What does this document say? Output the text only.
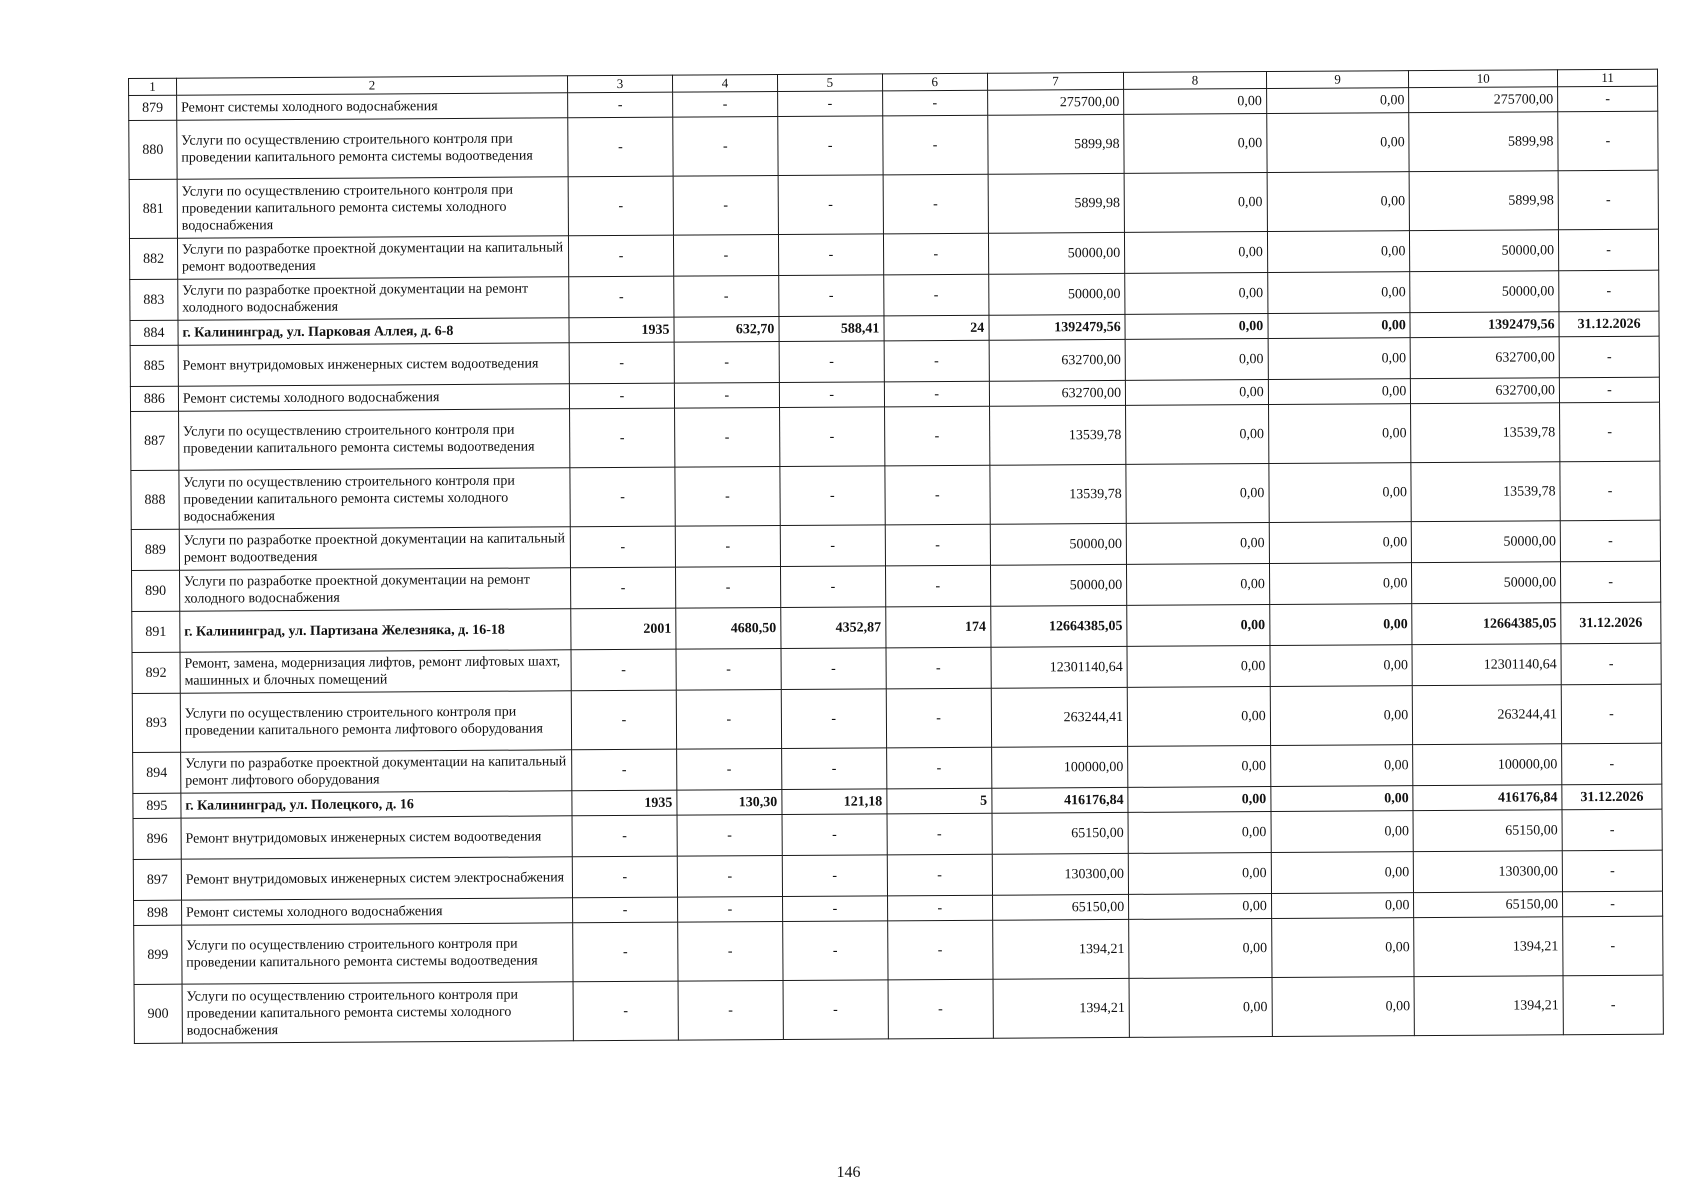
1	2	3	4	5	6	7	8	9	10	11
879	Ремонт системы холодного водоснабжения	-	-	-	-	275700,00	0,00	0,00	275700,00	-
880	Услуги по осуществлению строительного контроля при проведении капитального ремонта системы водоотведения	-	-	-	-	5899,98	0,00	0,00	5899,98	-
881	Услуги по осуществлению строительного контроля при проведении капитального ремонта системы холодного водоснабжения	-	-	-	-	5899,98	0,00	0,00	5899,98	-
882	Услуги по разработке проектной документации на капитальный ремонт водоотведения	-	-	-	-	50000,00	0,00	0,00	50000,00	-
883	Услуги по разработке проектной документации на ремонт холодного водоснабжения	-	-	-	-	50000,00	0,00	0,00	50000,00	-
884	г. Калининград, ул. Парковая Аллея, д. 6-8	1935	632,70	588,41	24	1392479,56	0,00	0,00	1392479,56	31.12.2026
885	Ремонт внутридомовых инженерных систем водоотведения	-	-	-	-	632700,00	0,00	0,00	632700,00	-
886	Ремонт системы холодного водоснабжения	-	-	-	-	632700,00	0,00	0,00	632700,00	-
887	Услуги по осуществлению строительного контроля при проведении капитального ремонта системы водоотведения	-	-	-	-	13539,78	0,00	0,00	13539,78	-
888	Услуги по осуществлению строительного контроля при проведении капитального ремонта системы холодного водоснабжения	-	-	-	-	13539,78	0,00	0,00	13539,78	-
889	Услуги по разработке проектной документации на капитальный ремонт водоотведения	-	-	-	-	50000,00	0,00	0,00	50000,00	-
890	Услуги по разработке проектной документации на ремонт холодного водоснабжения	-	-	-	-	50000,00	0,00	0,00	50000,00	-
891	г. Калининград, ул. Партизана Железняка, д. 16-18	2001	4680,50	4352,87	174	12664385,05	0,00	0,00	12664385,05	31.12.2026
892	Ремонт, замена, модернизация лифтов, ремонт лифтовых шахт, машинных и блочных помещений	-	-	-	-	12301140,64	0,00	0,00	12301140,64	-
893	Услуги по осуществлению строительного контроля при проведении капитального ремонта лифтового оборудования	-	-	-	-	263244,41	0,00	0,00	263244,41	-
894	Услуги по разработке проектной документации на капитальный ремонт лифтового оборудования	-	-	-	-	100000,00	0,00	0,00	100000,00	-
895	г. Калининград, ул. Полецкого, д. 16	1935	130,30	121,18	5	416176,84	0,00	0,00	416176,84	31.12.2026
896	Ремонт внутридомовых инженерных систем водоотведения	-	-	-	-	65150,00	0,00	0,00	65150,00	-
897	Ремонт внутридомовых инженерных систем электроснабжения	-	-	-	-	130300,00	0,00	0,00	130300,00	-
898	Ремонт системы холодного водоснабжения	-	-	-	-	65150,00	0,00	0,00	65150,00	-
899	Услуги по осуществлению строительного контроля при проведении капитального ремонта системы водоотведения	-	-	-	-	1394,21	0,00	0,00	1394,21	-
900	Услуги по осуществлению строительного контроля при проведении капитального ремонта системы холодного водоснабжения	-	-	-	-	1394,21	0,00	0,00	1394,21	-
146
